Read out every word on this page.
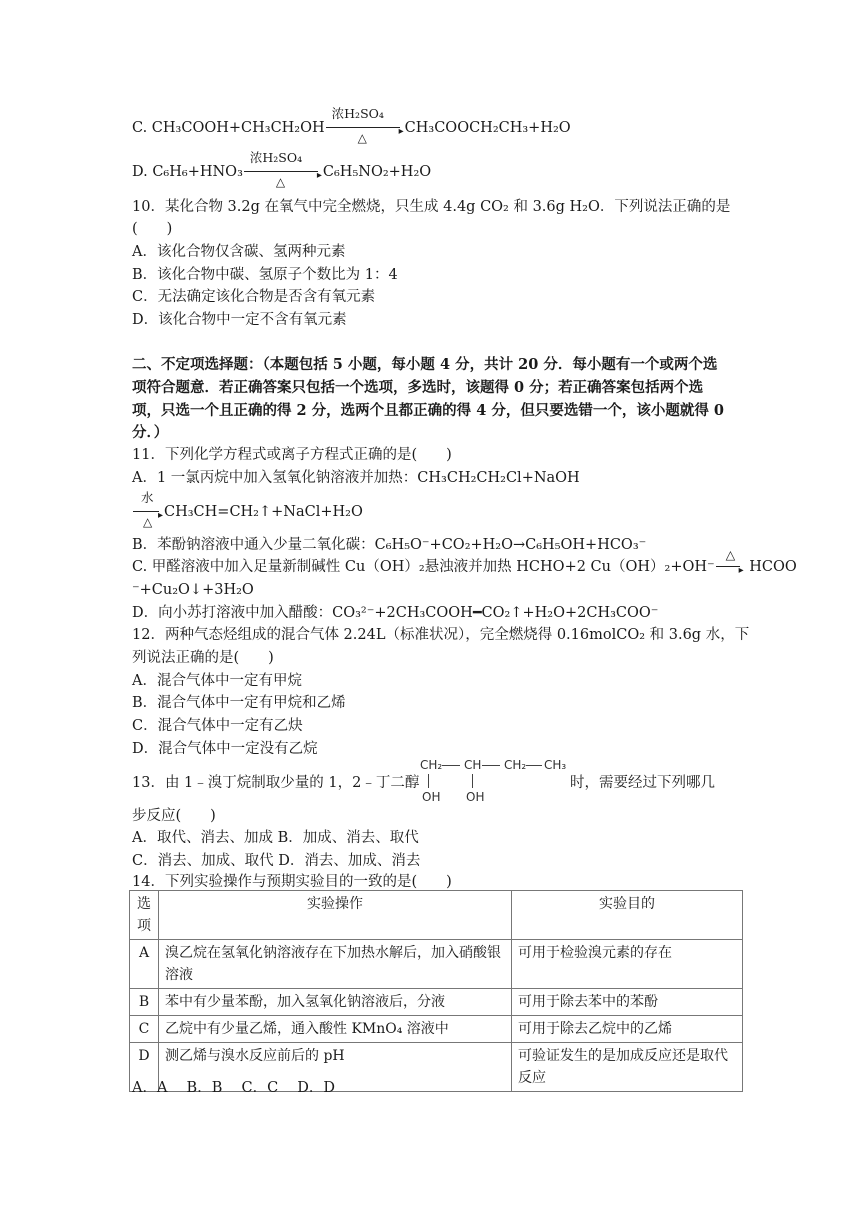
C. CH₃COOH+CH₃CH₂OH
浓H₂SO₄
▸
△
CH₃COOCH₂CH₃+H₂O
D. C₆H₆+HNO₃
浓H₂SO₄
▸
△
C₆H₅NO₂+H₂O
10．某化合物 3.2g 在氧气中完全燃烧，只生成 4.4g CO₂ 和 3.6g H₂O．下列说法正确的是
(　　)
A．该化合物仅含碳、氢两种元素
B．该化合物中碳、氢原子个数比为 1：4
C．无法确定该化合物是否含有氧元素
D．该化合物中一定不含有氧元素
二、不定项选择题：（本题包括 5 小题，每小题 4 分，共计 20 分．每小题有一个或两个选
项符合题意．若正确答案只包括一个选项，多选时，该题得 0 分；若正确答案包括两个选
项，只选一个且正确的得 2 分，选两个且都正确的得 4 分，但只要选错一个，该小题就得 0
分．）
11．下列化学方程式或离子方程式正确的是(　　)
A．1 一氯丙烷中加入氢氧化钠溶液并加热：CH₃CH₂CH₂Cl+NaOH
水
▸
△
CH₃CH=CH₂↑+NaCl+H₂O
B．苯酚钠溶液中通入少量二氧化碳：C₆H₅O⁻+CO₂+H₂O→C₆H₅OH+HCO₃⁻
C. 甲醛溶液中加入足量新制碱性 Cu（OH）₂悬浊液并加热 HCHO+2 Cu（OH）₂+OH⁻
△
▸ HCOO
⁻+Cu₂O↓+3H₂O
D．向小苏打溶液中加入醋酸：CO₃²⁻+2CH₃COOH━CO₂↑+H₂O+2CH₃COO⁻
12．两种气态烃组成的混合气体 2.24L（标准状况），完全燃烧得 0.16molCO₂ 和 3.6g 水，下
列说法正确的是(　　)
A．混合气体中一定有甲烷
B．混合气体中一定有甲烷和乙烯
C．混合气体中一定有乙炔
D．混合气体中一定没有乙烷
13．由 1﹣溴丁烷制取少量的 1，2﹣丁二醇
CH₂ CH CH₂ CH₃
OH OH
时，需要经过下列哪几
步反应(　　)
A．取代、消去、加成 B．加成、消去、取代
C．消去、加成、取代 D．消去、加成、消去
14．下列实验操作与预期实验目的一致的是(　　)
选项	实验操作	实验目的
A	溴乙烷在氢氧化钠溶液存在下加热水解后，加入硝酸银溶液	可用于检验溴元素的存在
B	苯中有少量苯酚，加入氢氧化钠溶液后，分液	可用于除去苯中的苯酚
C	乙烷中有少量乙烯，通入酸性 KMnO₄ 溶液中	可用于除去乙烷中的乙烯
D	测乙烯与溴水反应前后的 pH	可验证发生的是加成反应还是取代反应
A．A　 B．B　 C．C　 D．D
